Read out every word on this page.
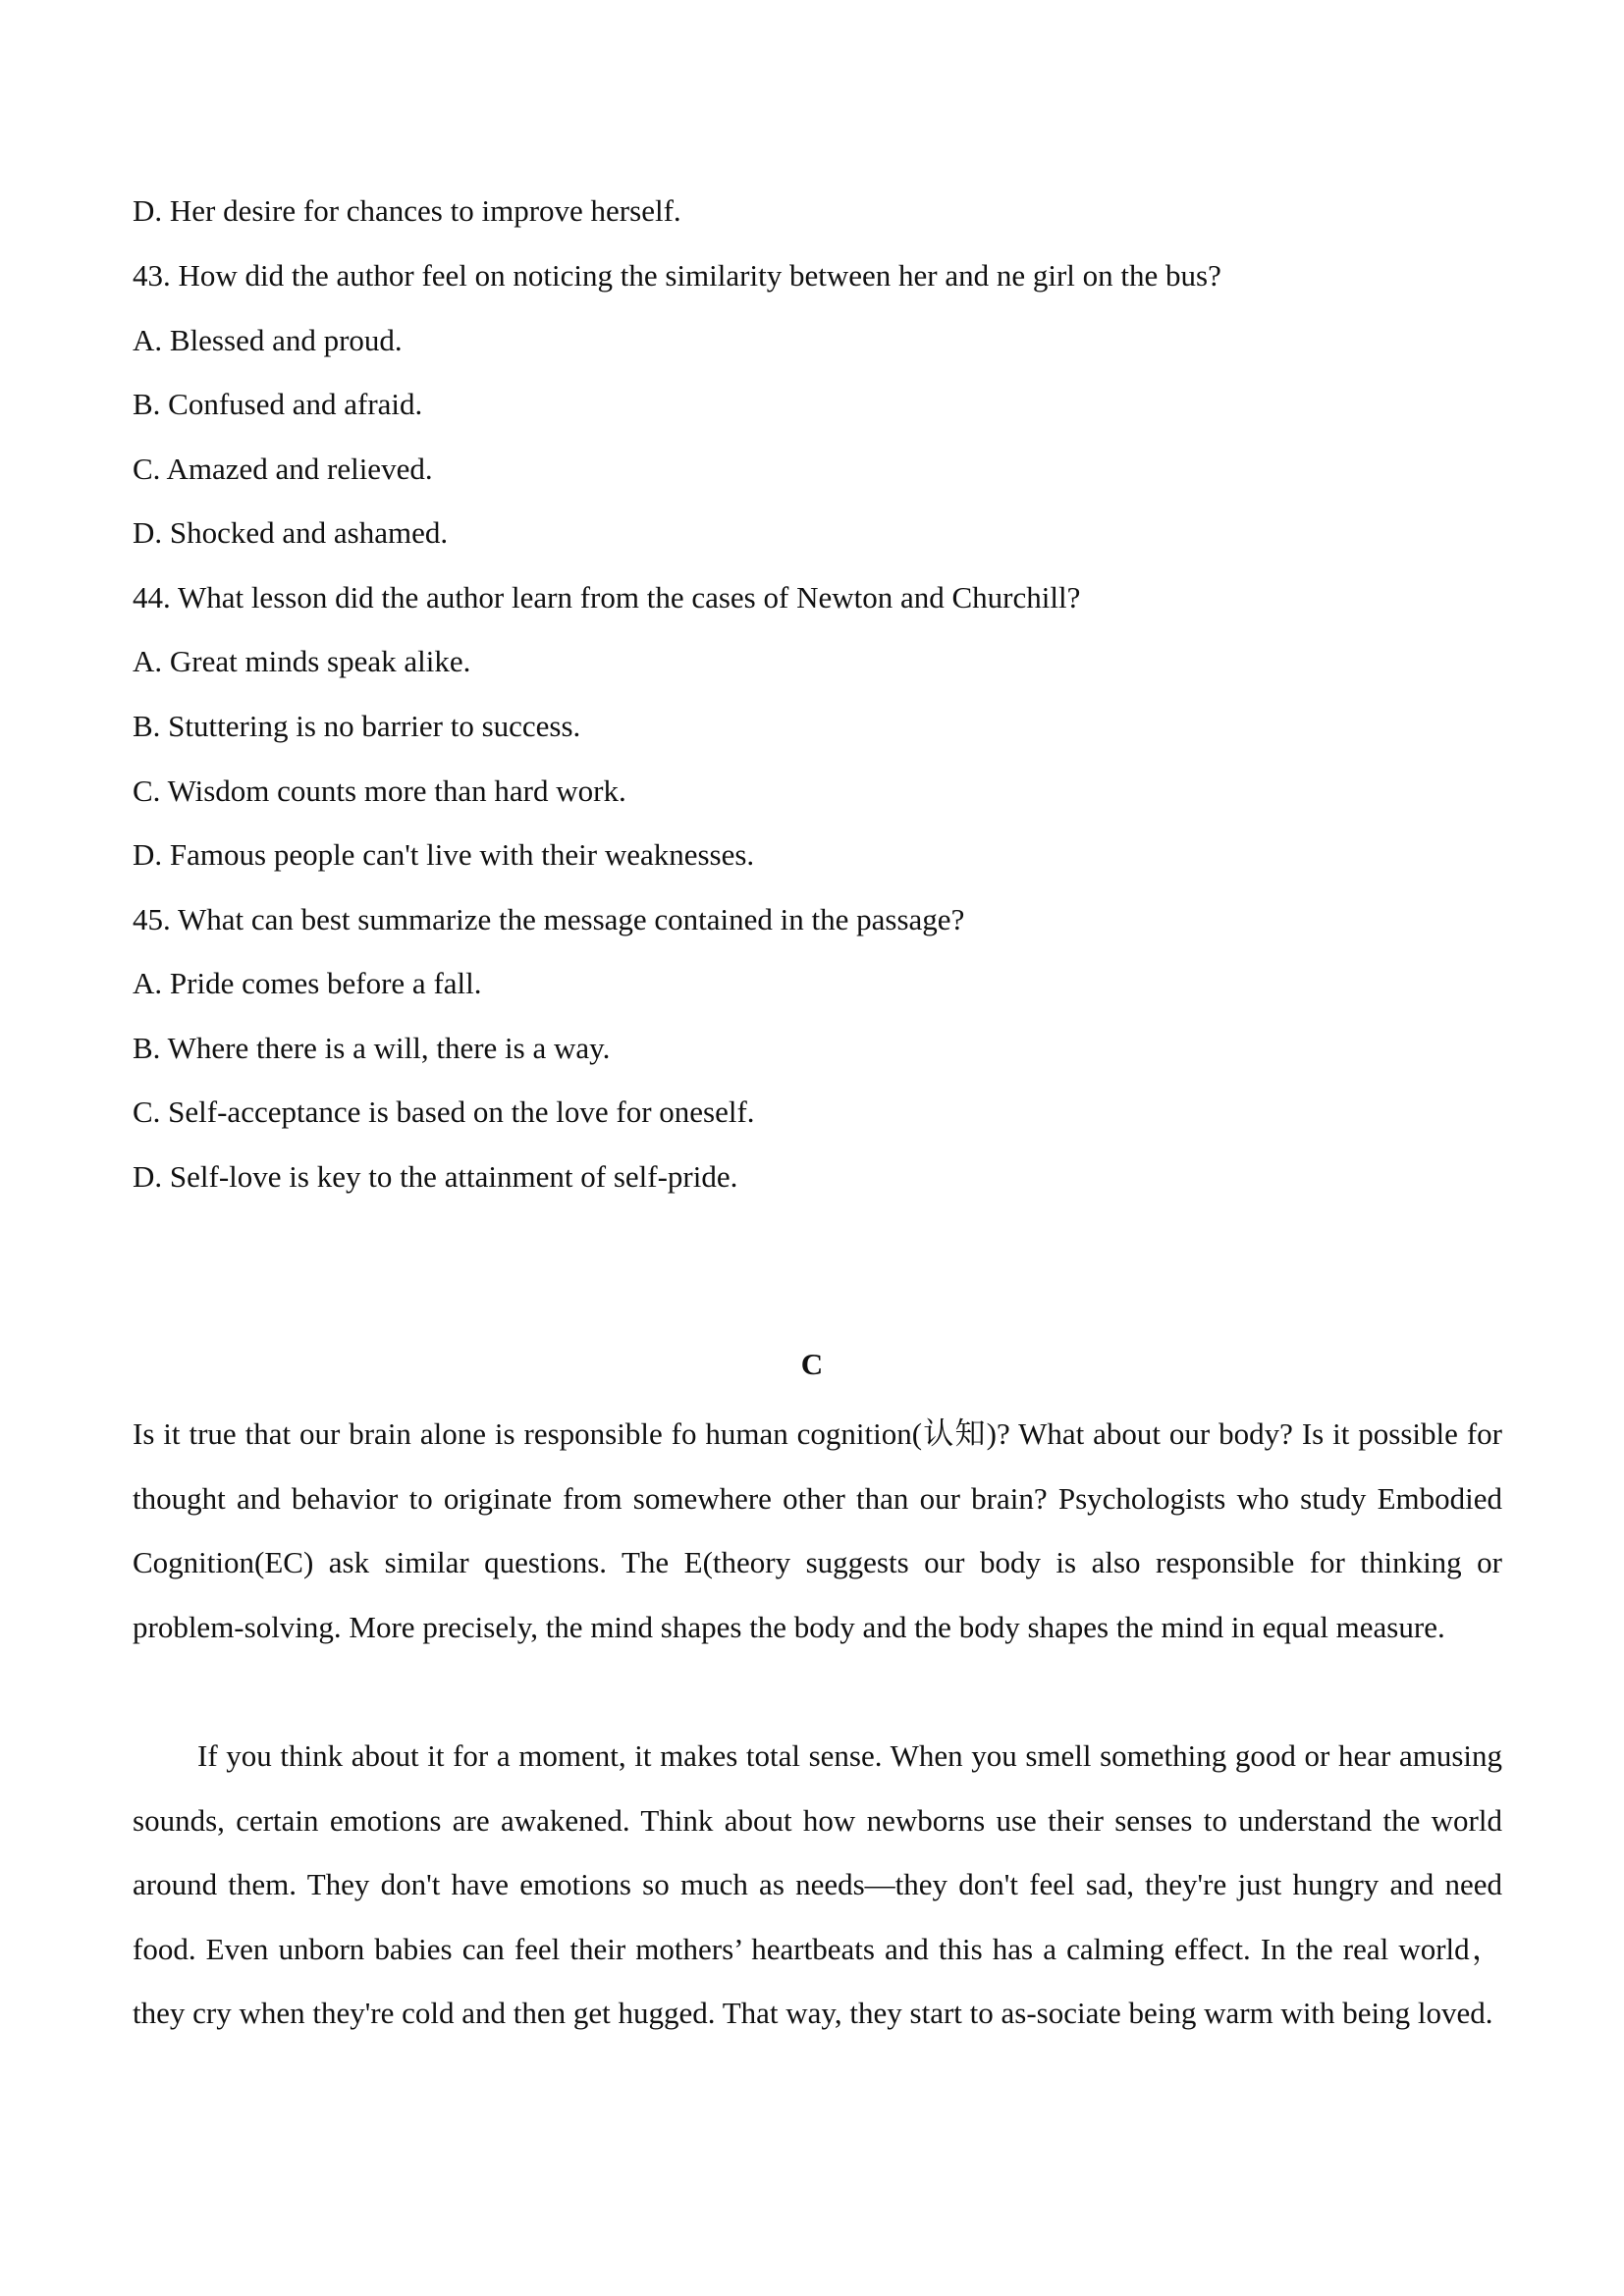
D. Her desire for chances to improve herself.
43. How did the author feel on noticing the similarity between her and ne girl on the bus?
A. Blessed and proud.
B. Confused and afraid.
C. Amazed and relieved.
D. Shocked and ashamed.
44. What lesson did the author learn from the cases of Newton and Churchill?
A. Great minds speak alike.
B. Stuttering is no barrier to success.
C. Wisdom counts more than hard work.
D. Famous people can't live with their weaknesses.
45. What can best summarize the message contained in the passage?
A. Pride comes before a fall.
B. Where there is a will, there is a way.
C. Self-acceptance is based on the love for oneself.
D. Self-love is key to the attainment of self-pride.
C
Is it true that our brain alone is responsible fo human cognition(认知)? What about our body? Is it possible for thought and behavior to originate from somewhere other than our brain? Psychologists who study Embodied Cognition(EC) ask similar questions. The E(theory suggests our body is also responsible for thinking or problem-solving. More precisely, the mind shapes the body and the body shapes the mind in equal measure.
If you think about it for a moment, it makes total sense. When you smell something good or hear amusing sounds, certain emotions are awakened. Think about how newborns use their senses to understand the world around them. They don't have emotions so much as needs—they don't feel sad, they're just hungry and need food. Even unborn babies can feel their mothers’ heartbeats and this has a calming effect. In the real world，they cry when they're cold and then get hugged. That way, they start to as-sociate being warm with being loved.
